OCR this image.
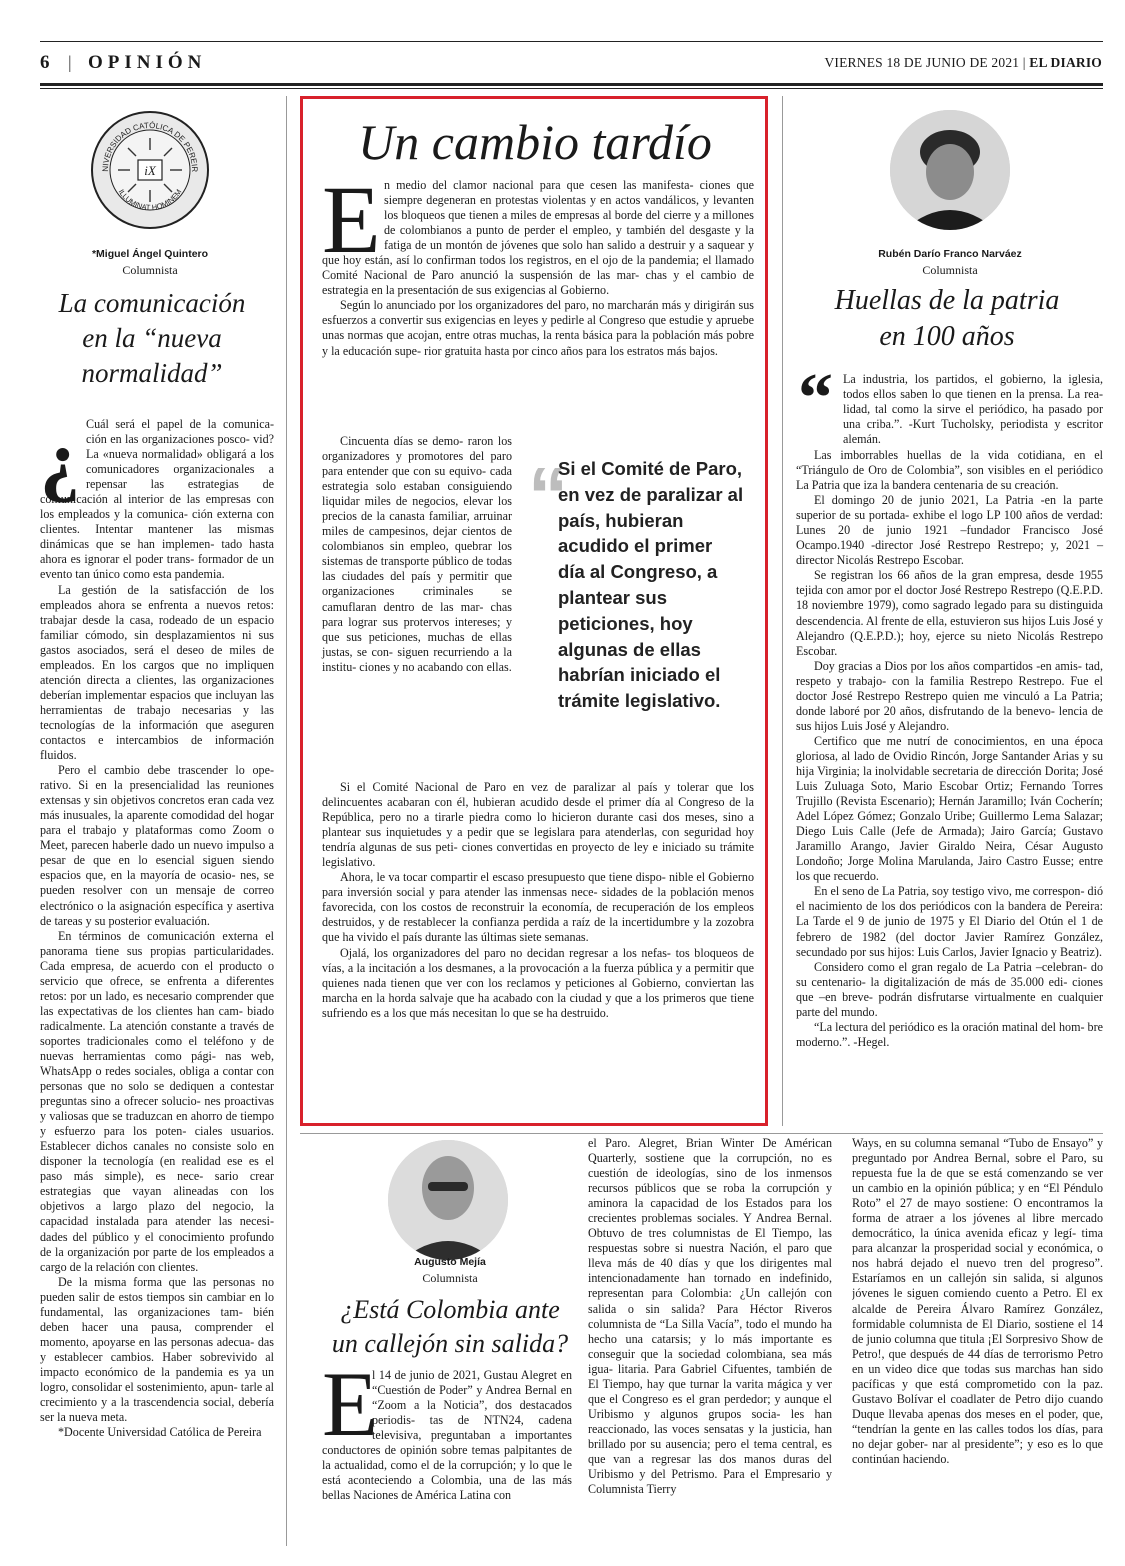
6 | OPINIÓN	VIERNES 18 DE JUNIO DE 2021 | EL DIARIO
NIVERSIDAD CATÓLICA DE PEREIR
ILLUMINAT HOMINEM
iX
*Miguel Ángel Quintero
Columnista
La comunicación
en la “nueva
normalidad”
¿ Cuál será el papel de la comunica- ción en las organizaciones posco- vid? La «nueva normalidad» obligará a los comunicadores organizacionales a repensar las estrategias de comunicación al interior de las empresas con los empleados y la comunica- ción externa con clientes. Intentar mantener las mismas dinámicas que se han implemen- tado hasta ahora es ignorar el poder trans- formador de un evento tan único como esta pandemia.

La gestión de la satisfacción de los empleados ahora se enfrenta a nuevos retos: trabajar desde la casa, rodeado de un espacio familiar cómodo, sin desplazamientos ni sus gastos asociados, será el deseo de miles de empleados. En los cargos que no impliquen atención directa a clientes, las organizaciones deberían implementar espacios que incluyan las herramientas de trabajo necesarias y las tecnologías de la información que aseguren contactos e intercambios de información fluidos.

Pero el cambio debe trascender lo ope- rativo. Si en la presencialidad las reuniones extensas y sin objetivos concretos eran cada vez más inusuales, la aparente comodidad del hogar para el trabajo y plataformas como Zoom o Meet, parecen haberle dado un nuevo impulso a pesar de que en lo esencial siguen siendo espacios que, en la mayoría de ocasio- nes, se pueden resolver con un mensaje de correo electrónico o la asignación específica y asertiva de tareas y su posterior evaluación.

En términos de comunicación externa el panorama tiene sus propias particularidades. Cada empresa, de acuerdo con el producto o servicio que ofrece, se enfrenta a diferentes retos: por un lado, es necesario comprender que las expectativas de los clientes han cam- biado radicalmente. La atención constante a través de soportes tradicionales como el teléfono y de nuevas herramientas como pági- nas web, WhatsApp o redes sociales, obliga a contar con personas que no solo se dediquen a contestar preguntas sino a ofrecer solucio- nes proactivas y valiosas que se traduzcan en ahorro de tiempo y esfuerzo para los poten- ciales usuarios. Establecer dichos canales no consiste solo en disponer la tecnología (en realidad ese es el paso más simple), es nece- sario crear estrategias que vayan alineadas con los objetivos a largo plazo del negocio, la capacidad instalada para atender las necesi- dades del público y el conocimiento profundo de la organización por parte de los empleados a cargo de la relación con clientes.

De la misma forma que las personas no pueden salir de estos tiempos sin cambiar en lo fundamental, las organizaciones tam- bién deben hacer una pausa, comprender el momento, apoyarse en las personas adecua- das y establecer cambios. Haber sobrevivido al impacto económico de la pandemia es ya un logro, consolidar el sostenimiento, apun- tarle al crecimiento y a la trascendencia social, debería ser la nueva meta.

*Docente Universidad Católica de Pereira

Un cambio tardío
E n medio del clamor nacional para que cesen las manifesta- ciones que siempre degeneran en protestas violentas y en actos vandálicos, y levanten los bloqueos que tienen a miles de empresas al borde del cierre y a millones de colombianos a punto de perder el empleo, y también del desgaste y la fatiga de un montón de jóvenes que solo han salido a destruir y a saquear y que hoy están, así lo confirman todos los registros, en el ojo de la pandemia; el llamado Comité Nacional de Paro anunció la suspensión de las mar- chas y el cambio de estrategia en la presentación de sus exigencias al Gobierno.

Según lo anunciado por los organizadores del paro, no marcharán más y dirigirán sus esfuerzos a convertir sus exigencias en leyes y pedirle al Congreso que estudie y apruebe unas normas que acojan, entre otras muchas, la renta básica para la población más pobre y la educación supe- rior gratuita hasta por cinco años para los estratos más bajos.

Cincuenta días se demo- raron los organizadores y promotores del paro para entender que con su equivo- cada estrategia solo estaban consiguiendo liquidar miles de negocios, elevar los precios de la canasta familiar, arruinar miles de campesinos, dejar cientos de colombianos sin empleo, quebrar los sistemas de transporte público de todas las ciudades del país y permitir que organizaciones criminales se camuflaran dentro de las mar- chas para lograr sus protervos intereses; y que sus peticiones, muchas de ellas justas, se con- siguen recurriendo a la institu- ciones y no acabando con ellas.

“
Si el Comité de Paro, en vez de paralizar al país, hubieran acudido el primer día al Congreso, a plantear sus peticiones, hoy algunas de ellas habrían iniciado el trámite legislativo.

Si el Comité Nacional de Paro en vez de paralizar al país y tolerar que los delincuentes acabaran con él, hubieran acudido desde el primer día al Congreso de la República, pero no a tirarle piedra como lo hicieron durante casi dos meses, sino a plantear sus inquietudes y a pedir que se legislara para atenderlas, con seguridad hoy tendría algunas de sus peti- ciones convertidas en proyecto de ley e iniciado su trámite legislativo.

Ahora, le va tocar compartir el escaso presupuesto que tiene dispo- nible el Gobierno para inversión social y para atender las inmensas nece- sidades de la población menos favorecida, con los costos de reconstruir la economía, de recuperación de los empleos destruidos, y de restablecer la confianza perdida a raíz de la incertidumbre y la zozobra que ha vivido el país durante las últimas siete semanas.

Ojalá, los organizadores del paro no decidan regresar a los nefas- tos bloqueos de vías, a la incitación a los desmanes, a la provocación a la fuerza pública y a permitir que quienes nada tienen que ver con los reclamos y peticiones al Gobierno, conviertan las marcha en la horda salvaje que ha acabado con la ciudad y que a los primeros que tiene sufriendo es a los que más necesitan lo que se ha destruido.

Rubén Darío Franco Narváez
Columnista
Huellas de la patria
en 100 años
“ La industria, los partidos, el gobierno, la iglesia, todos ellos saben lo que tienen en la prensa. La rea- lidad, tal como la sirve el periódico, ha pasado por una criba.”. -Kurt Tucholsky, periodista y escritor alemán.

Las imborrables huellas de la vida cotidiana, en el “Triángulo de Oro de Colombia”, son visibles en el periódico La Patria que iza la bandera centenaria de su creación.

El domingo 20 de junio 2021, La Patria -en la parte superior de su portada- exhibe el logo LP 100 años de verdad: Lunes 20 de junio 1921 –fundador Francisco José Ocampo.1940 -director José Restrepo Restrepo; y, 2021 – director Nicolás Restrepo Escobar.

Se registran los 66 años de la gran empresa, desde 1955 tejida con amor por el doctor José Restrepo Restrepo (Q.E.P.D. 18 noviembre 1979), como sagrado legado para su distinguida descendencia. Al frente de ella, estuvieron sus hijos Luis José y Alejandro (Q.E.P.D.); hoy, ejerce su nieto Nicolás Restrepo Escobar.

Doy gracias a Dios por los años compartidos -en amis- tad, respeto y trabajo- con la familia Restrepo Restrepo. Fue el doctor José Restrepo Restrepo quien me vinculó a La Patria; donde laboré por 20 años, disfrutando de la benevo- lencia de sus hijos Luis José y Alejandro.

Certifico que me nutrí de conocimientos, en una época gloriosa, al lado de Ovidio Rincón, Jorge Santander Arias y su hija Virginia; la inolvidable secretaria de dirección Dorita; José Luis Zuluaga Soto, Mario Escobar Ortiz; Fernando Torres Trujillo (Revista Escenario); Hernán Jaramillo; Iván Cocherín; Adel López Gómez; Gonzalo Uribe; Guillermo Lema Salazar; Diego Luis Calle (Jefe de Armada); Jairo García; Gustavo Jaramillo Arango, Javier Giraldo Neira, César Augusto Londoño; Jorge Molina Marulanda, Jairo Castro Eusse; entre los que recuerdo.

En el seno de La Patria, soy testigo vivo, me correspon- dió el nacimiento de los dos periódicos con la bandera de Pereira: La Tarde el 9 de junio de 1975 y El Diario del Otún el 1 de febrero de 1982 (del doctor Javier Ramírez González, secundado por sus hijos: Luis Carlos, Javier Ignacio y Beatriz).

Considero como el gran regalo de La Patria –celebran- do su centenario- la digitalización de más de 35.000 edi- ciones que –en breve- podrán disfrutarse virtualmente en cualquier parte del mundo.

“La lectura del periódico es la oración matinal del hom- bre moderno.”. -Hegel.

Augusto Mejía
Columnista
¿Está Colombia ante
un callejón sin salida?
E

l 14 de junio de 2021, Gustau Alegret en “Cuestión de Poder” y Andrea Bernal en “Zoom a la Noticia”, dos destacados periodis- tas de NTN24, cadena televisiva, preguntaban a importantes conductores de opinión sobre temas palpitantes de la actualidad, como el de la corrupción; y lo que le está aconteciendo a Colombia, una de las más bellas Naciones de América Latina con

el Paro. Alegret, Brian Winter De Américan Quarterly, sostiene que la corrupción, no es cuestión de ideologías, sino de los inmensos recursos públicos que se roba la corrupción y aminora la capacidad de los Estados para los crecientes problemas sociales. Y Andrea Bernal. Obtuvo de tres columnistas de El Tiempo, las respuestas sobre si nuestra Nación, el paro que lleva más de 40 días y que los dirigentes mal intencionadamente han tornado en indefinido, representan para Colombia: ¿Un callejón con salida o sin salida? Para Héctor Riveros columnista de “La Silla Vacía”, todo el mundo ha hecho una catarsis; y lo más importante es conseguir que la sociedad colombiana, sea más igua- litaria. Para Gabriel Cifuentes, también de El Tiempo, hay que turnar la varita mágica y ver que el Congreso es el gran perdedor; y aunque el Uribismo y algunos grupos socia- les han reaccionado, las voces sensatas y la justicia, han brillado por su ausencia; pero el tema central, es que van a regresar las dos manos duras del Uribismo y del Petrismo. Para el Empresario y Columnista Tierry

Ways, en su columna semanal “Tubo de Ensayo” y preguntado por Andrea Bernal, sobre el Paro, su repuesta fue la de que se está comenzando se ver un cambio en la opinión pública; y en “El Péndulo Roto” el 27 de mayo sostiene: O encontramos la forma de atraer a los jóvenes al libre mercado democrático, la única avenida eficaz y legí- tima para alcanzar la prosperidad social y económica, o nos habrá dejado el nuevo tren del progreso”. Estaríamos en un callejón sin salida, si algunos jóvenes le siguen comiendo cuento a Petro. El ex alcalde de Pereira Álvaro Ramírez González, formidable columnista de El Diario, sostiene el 14 de junio columna que titula ¡El Sorpresivo Show de Petro!, que después de 44 días de terrorismo Petro en un video dice que todas sus marchas han sido pacíficas y que está comprometido con la paz. Gustavo Bolívar el coadlater de Petro dijo cuando Duque llevaba apenas dos meses en el poder, que, “tendrían la gente en las calles todos los días, para no dejar gober- nar al presidente”; y eso es lo que continúan haciendo.
